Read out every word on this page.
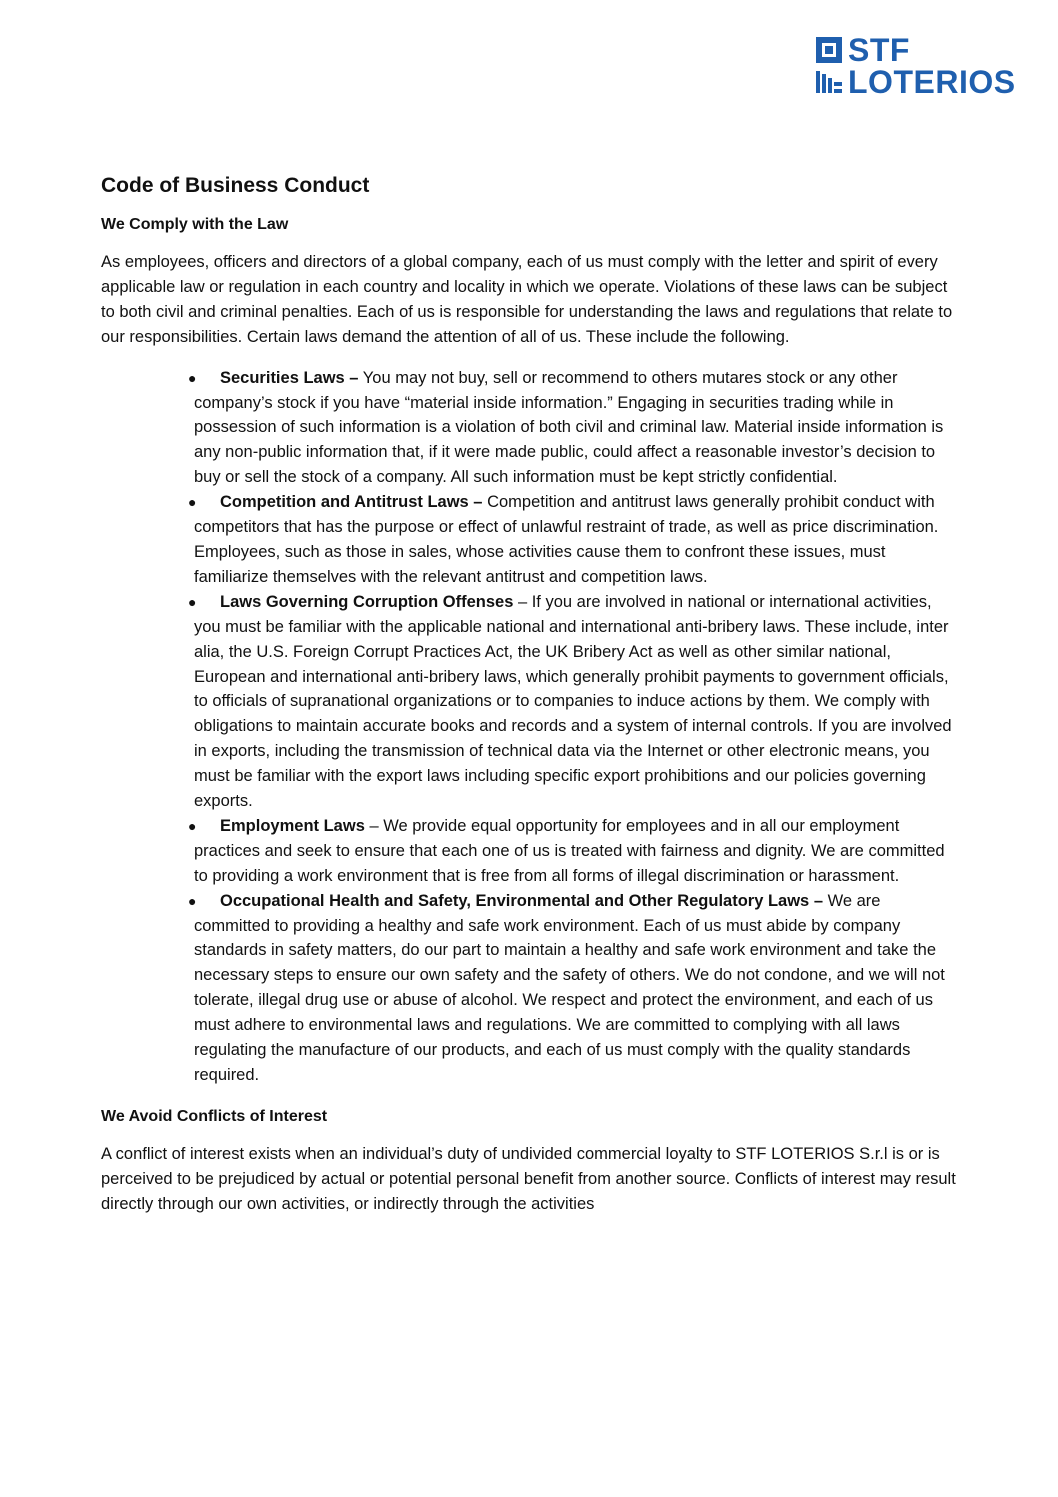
STF
LOTERIOS
Code of Business Conduct
We Comply with the Law

As employees, officers and directors of a global company, each of us must comply with the letter and spirit of every applicable law or regulation in each country and locality in which we operate. Violations of these laws can be subject to both civil and criminal penalties. Each of us is responsible for understanding the laws and regulations that relate to our responsibilities. Certain laws demand the attention of all of us. These include the following.

● Securities Laws – You may not buy, sell or recommend to others mutares stock or any other company’s stock if you have “material inside information.” Engaging in securities trading while in possession of such information is a violation of both civil and criminal law. Material inside information is any non-public information that, if it were made public, could affect a reasonable investor’s decision to buy or sell the stock of a company. All such information must be kept strictly confidential.
● Competition and Antitrust Laws – Competition and antitrust laws generally prohibit conduct with competitors that has the purpose or effect of unlawful restraint of trade, as well as price discrimination. Employees, such as those in sales, whose activities cause them to confront these issues, must familiarize themselves with the relevant antitrust and competition laws.
● Laws Governing Corruption Offenses – If you are involved in national or international activities, you must be familiar with the applicable national and international anti-bribery laws. These include, inter alia, the U.S. Foreign Corrupt Practices Act, the UK Bribery Act as well as other similar national, European and international anti-bribery laws, which generally prohibit payments to government officials, to officials of supranational organizations or to companies to induce actions by them. We comply with obligations to maintain accurate books and records and a system of internal controls. If you are involved in exports, including the transmission of technical data via the Internet or other electronic means, you must be familiar with the export laws including specific export prohibitions and our policies governing exports.
● Employment Laws – We provide equal opportunity for employees and in all our employment practices and seek to ensure that each one of us is treated with fairness and dignity. We are committed to providing a work environment that is free from all forms of illegal discrimination or harassment.
● Occupational Health and Safety, Environmental and Other Regulatory Laws – We are committed to providing a healthy and safe work environment. Each of us must abide by company standards in safety matters, do our part to maintain a healthy and safe work environment and take the necessary steps to ensure our own safety and the safety of others. We do not condone, and we will not tolerate, illegal drug use or abuse of alcohol. We respect and protect the environment, and each of us must adhere to environmental laws and regulations. We are committed to complying with all laws regulating the manufacture of our products, and each of us must comply with the quality standards required.
We Avoid Conflicts of Interest

A conflict of interest exists when an individual’s duty of undivided commercial loyalty to STF LOTERIOS S.r.l is or is perceived to be prejudiced by actual or potential personal benefit from another source. Conflicts of interest may result directly through our own activities, or indirectly through the activities
